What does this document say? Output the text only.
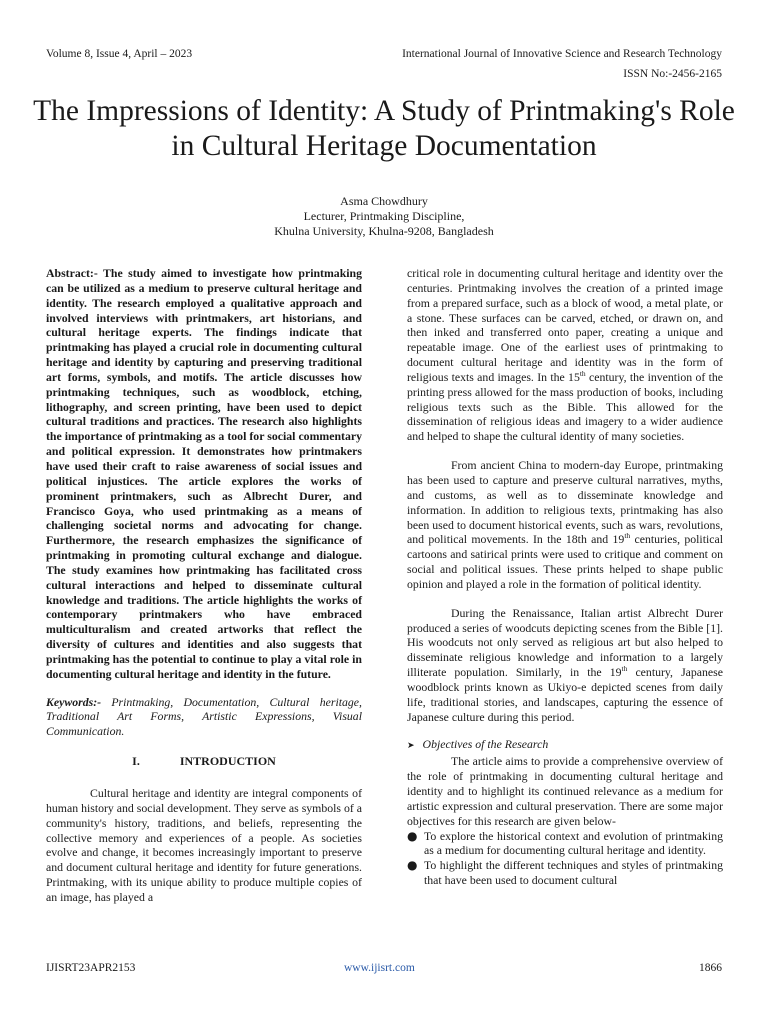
Volume 8, Issue 4, April – 2023	International Journal of Innovative Science and Research Technology
ISSN No:-2456-2165
The Impressions of Identity: A Study of Printmaking's Role in Cultural Heritage Documentation
Asma Chowdhury
Lecturer, Printmaking Discipline,
Khulna University, Khulna-9208, Bangladesh

Abstract:- The study aimed to investigate how printmaking can be utilized as a medium to preserve cultural heritage and identity. The research employed a qualitative approach and involved interviews with printmakers, art historians, and cultural heritage experts. The findings indicate that printmaking has played a crucial role in documenting cultural heritage and identity by capturing and preserving traditional art forms, symbols, and motifs. The article discusses how printmaking techniques, such as woodblock, etching, lithography, and screen printing, have been used to depict cultural traditions and practices. The research also highlights the importance of printmaking as a tool for social commentary and political expression. It demonstrates how printmakers have used their craft to raise awareness of social issues and political injustices. The article explores the works of prominent printmakers, such as Albrecht Durer, and Francisco Goya, who used printmaking as a means of challenging societal norms and advocating for change. Furthermore, the research emphasizes the significance of printmaking in promoting cultural exchange and dialogue. The study examines how printmaking has facilitated cross cultural interactions and helped to disseminate cultural knowledge and traditions. The article highlights the works of contemporary printmakers who have embraced multiculturalism and created artworks that reflect the diversity of cultures and identities and also suggests that printmaking has the potential to continue to play a vital role in documenting cultural heritage and identity in the future.

Keywords:- Printmaking, Documentation, Cultural heritage, Traditional Art Forms, Artistic Expressions, Visual Communication.

I.	INTRODUCTION

Cultural heritage and identity are integral components of human history and social development. They serve as symbols of a community's history, traditions, and beliefs, representing the collective memory and experiences of a people. As societies evolve and change, it becomes increasingly important to preserve and document cultural heritage and identity for future generations. Printmaking, with its unique ability to produce multiple copies of an image, has played a

critical role in documenting cultural heritage and identity over the centuries. Printmaking involves the creation of a printed image from a prepared surface, such as a block of wood, a metal plate, or a stone. These surfaces can be carved, etched, or drawn on, and then inked and transferred onto paper, creating a unique and repeatable image. One of the earliest uses of printmaking to document cultural heritage and identity was in the form of religious texts and images. In the 15th century, the invention of the printing press allowed for the mass production of books, including religious texts such as the Bible. This allowed for the dissemination of religious ideas and imagery to a wider audience and helped to shape the cultural identity of many societies.

From ancient China to modern-day Europe, printmaking has been used to capture and preserve cultural narratives, myths, and customs, as well as to disseminate knowledge and information. In addition to religious texts, printmaking has also been used to document historical events, such as wars, revolutions, and political movements. In the 18th and 19th centuries, political cartoons and satirical prints were used to critique and comment on social and political issues. These prints helped to shape public opinion and played a role in the formation of political identity.

During the Renaissance, Italian artist Albrecht Durer produced a series of woodcuts depicting scenes from the Bible [1]. His woodcuts not only served as religious art but also helped to disseminate religious knowledge and information to a largely illiterate population. Similarly, in the 19th century, Japanese woodblock prints known as Ukiyo-e depicted scenes from daily life, traditional stories, and landscapes, capturing the essence of Japanese culture during this period.

➤ Objectives of the Research

The article aims to provide a comprehensive overview of the role of printmaking in documenting cultural heritage and identity and to highlight its continued relevance as a medium for artistic expression and cultural preservation. There are some major objectives for this research are given below-

● To explore the historical context and evolution of printmaking as a medium for documenting cultural heritage and identity.
● To highlight the different techniques and styles of printmaking that have been used to document cultural
IJISRT23APR2153	www.ijisrt.com	1866
